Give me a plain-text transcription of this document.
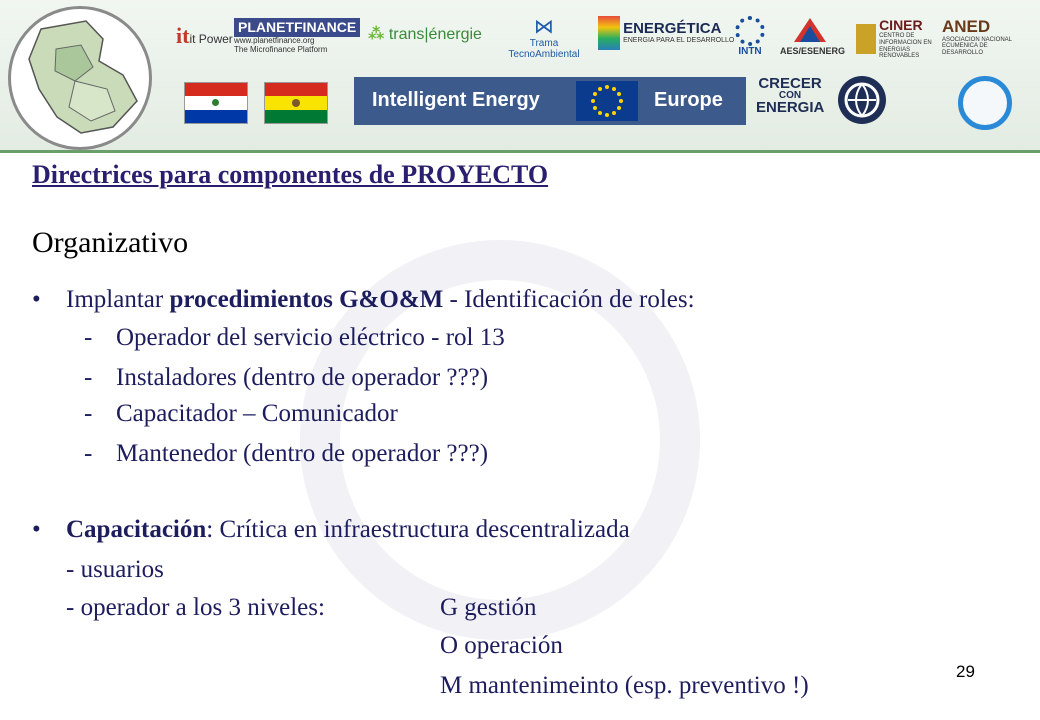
itit Power
PLANETFINANCE
www.planetfinance.org
The Microfinance Platform
⁂ trans|énergie	⋈
Trama TecnoAmbiental

ENERGÉTICA
ENERGIA PARA EL DESARROLLO
INTN	AES/ESENERG
CINER
CENTRO DE INFORMACION EN ENERGIAS RENOVABLES
ANED
ASOCIACION NACIONAL ECUMENICA DE DESARROLLO
Intelligent Energy	Europe
CRECER
CON
ENERGIA
Directrices para componentes de PROYECTO
Organizativo
• Implantar procedimientos G&O&M - Identificación de roles:
- Operador del servicio eléctrico - rol 13
- Instaladores (dentro de operador ???)
- Capacitador – Comunicador
- Mantenedor (dentro de operador ???)
• Capacitación: Crítica en infraestructura descentralizada
- usuarios
- operador a los 3 niveles:	G gestión
O operación
M mantenimeinto (esp. preventivo !)
29
